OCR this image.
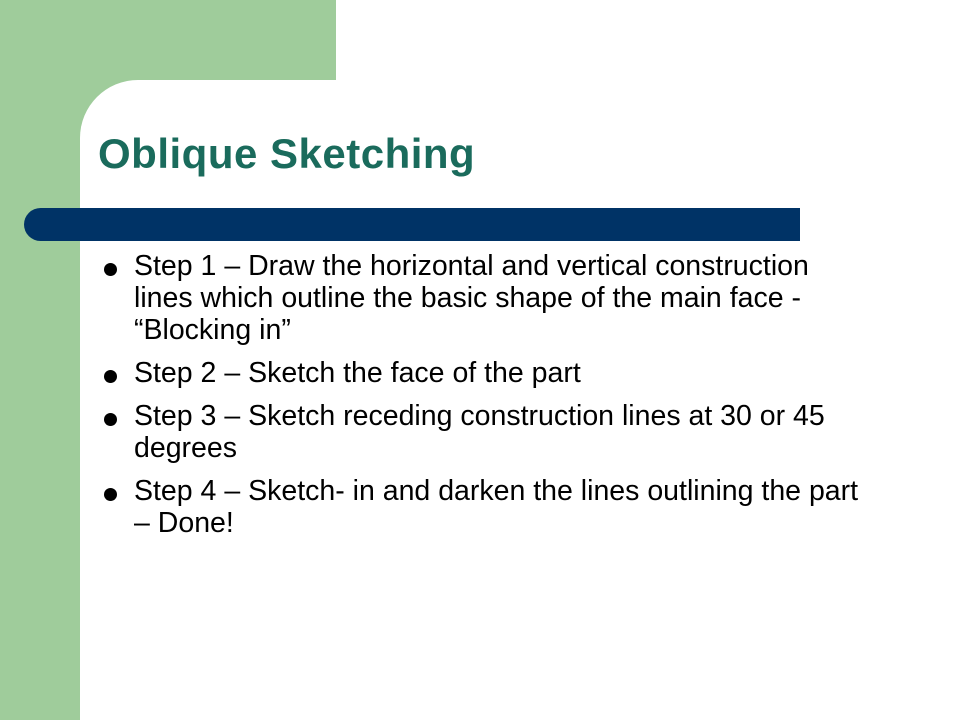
Oblique Sketching
Step 1 – Draw the horizontal and vertical construction lines which outline the basic shape of the main face - “Blocking in”
Step 2 – Sketch the face of the part
Step 3 – Sketch receding construction lines at 30 or 45 degrees
Step 4 – Sketch- in and darken the lines outlining the part – Done!
